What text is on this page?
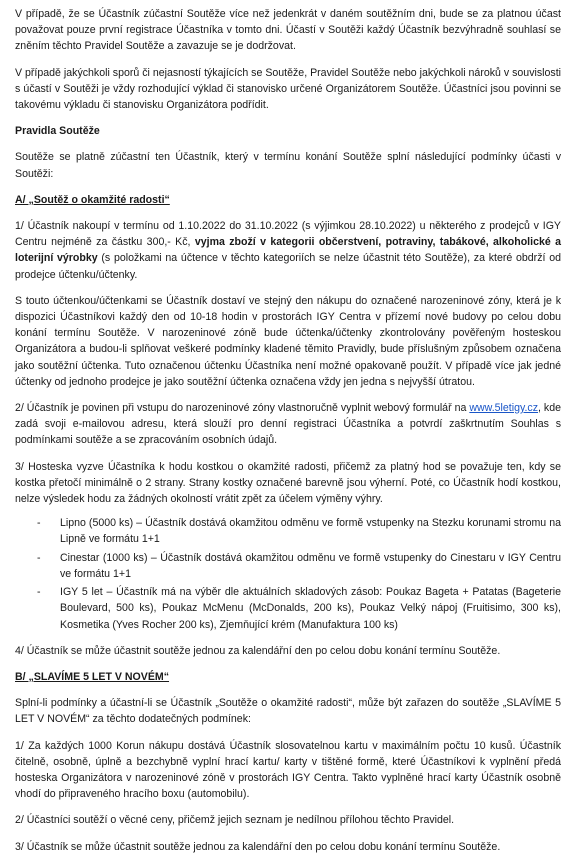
V případě, že se Účastník zúčastní Soutěže více než jedenkrát v daném soutěžním dni, bude se za platnou účast považovat pouze první registrace Účastníka v tomto dni. Účastí v Soutěži každý Účastník bezvýhradně souhlasí se zněním těchto Pravidel Soutěže a zavazuje se je dodržovat.

V případě jakýchkoli sporů či nejasností týkajících se Soutěže, Pravidel Soutěže nebo jakýchkoli nároků v souvislosti s účastí v Soutěži je vždy rozhodující výklad či stanovisko určené Organizátorem Soutěže. Účastníci jsou povinni se takovému výkladu či stanovisku Organizátora podřídit.

Pravidla Soutěže

Soutěže se platně zúčastní ten Účastník, který v termínu konání Soutěže splní následující podmínky účasti v Soutěži:

A/ „Soutěž o okamžité radosti“

1/ Účastník nakoupí v termínu od 1.10.2022 do 31.10.2022 (s výjimkou 28.10.2022) u některého z prodejců v IGY Centru nejméně za částku 300,- Kč, vyjma zboží v kategorii občerstvení, potraviny, tabákové, alkoholické a loterijní výrobky (s položkami na účtence v těchto kategoriích se nelze účastnit této Soutěže), za které obdrží od prodejce účtenku/účtenky.

S touto účtenkou/účtenkami se Účastník dostaví ve stejný den nákupu do označené narozeninové zóny, která je k dispozici Účastníkovi každý den od 10-18 hodin v prostorách IGY Centra v přízemí nové budovy po celou dobu konání termínu Soutěže. V narozeninové zóně bude účtenka/účtenky zkontrolovány pověřeným hosteskou Organizátora a budou-li splňovat veškeré podmínky kladené těmito Pravidly, bude příslušným způsobem označena jako soutěžní účtenka. Tuto označenou účtenku Účastníka není možné opakovaně použít. V případě více jak jedné účtenky od jednoho prodejce je jako soutěžní účtenka označena vždy jen jedna s nejvyšší útratou.

2/ Účastník je povinen při vstupu do narozeninové zóny vlastnoručně vyplnit webový formulář na www.5letigy.cz, kde zadá svoji e-mailovou adresu, která slouží pro denní registraci Účastníka a potvrdí zaškrtnutím Souhlas s podmínkami soutěže a se zpracováním osobních údajů.

3/ Hosteska vyzve Účastníka k hodu kostkou o okamžité radosti, přičemž za platný hod se považuje ten, kdy se kostka přetočí minimálně o 2 strany. Strany kostky označené barevně jsou výherní. Poté, co Účastník hodí kostkou, nelze výsledek hodu za žádných okolností vrátit zpět za účelem výměny výhry.

- Lipno (5000 ks) – Účastník dostává okamžitou odměnu ve formě vstupenky na Stezku korunami stromu na Lipně ve formátu 1+1
- Cinestar (1000 ks) – Účastník dostává okamžitou odměnu ve formě vstupenky do Cinestaru v IGY Centru ve formátu 1+1
- IGY 5 let – Účastník má na výběr dle aktuálních skladových zásob: Poukaz Bageta + Patatas (Bageterie Boulevard, 500 ks), Poukaz McMenu (McDonalds, 200 ks), Poukaz Velký nápoj (Fruitisimo, 300 ks), Kosmetika (Yves Rocher 200 ks), Zjemňující krém (Manufaktura 100 ks)

4/ Účastník se může účastnit soutěže jednou za kalendářní den po celou dobu konání termínu Soutěže.

B/ „SLAVÍME 5 LET V NOVÉM“

Splní-li podmínky a účastní-li se Účastník „Soutěže o okamžité radosti“, může být zařazen do soutěže „SLAVÍME 5 LET V NOVÉM“ za těchto dodatečných podmínek:

1/ Za každých 1000 Korun nákupu dostává Účastník slosovatelnou kartu v maximálním počtu 10 kusů. Účastník čitelně, osobně, úplně a bezchybně vyplní hrací kartu/ karty v tištěné formě, které Účastníkovi k vyplnění předá hosteska Organizátora v narozeninové zóně v prostorách IGY Centra. Takto vyplněné hrací karty Účastník osobně vhodí do připraveného hracího boxu (automobilu).

2/ Účastníci soutěží o věcné ceny, přičemž jejich seznam je nedílnou přílohou těchto Pravidel.

3/ Účastník se může účastnit soutěže jednou za kalendářní den po celou dobu konání termínu Soutěže.
